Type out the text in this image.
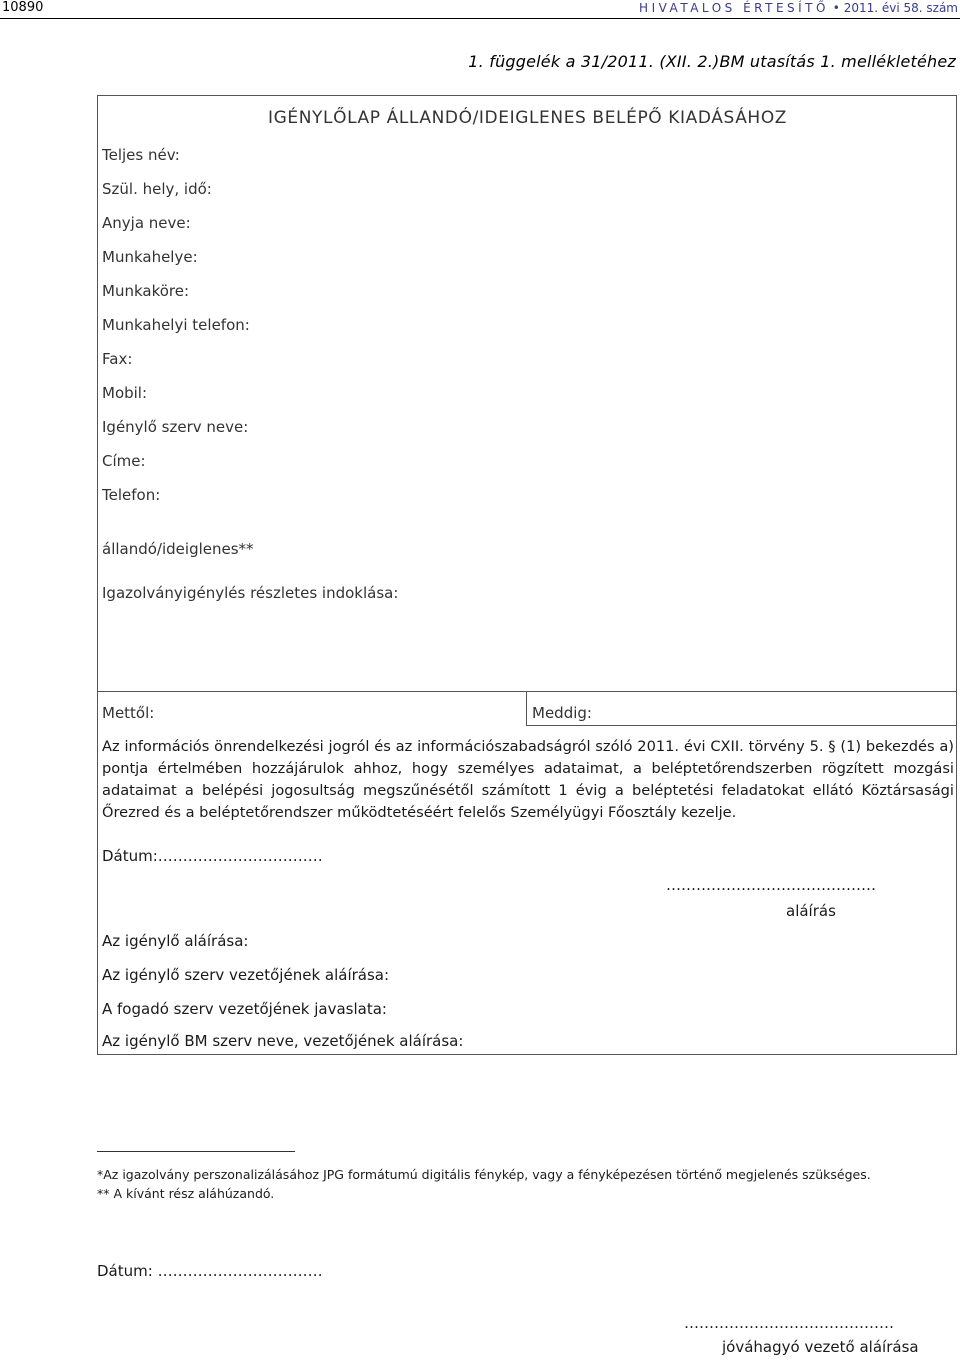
10890	HIVATALOS ÉRTESÍTŐ • 2011. évi 58. szám
1. függelék a 31/2011. (XII. 2.)BM utasítás 1. mellékletéhez
IGÉNYLŐLAP ÁLLANDÓ/IDEIGLENES BELÉPŐ KIADÁSÁHOZ
Teljes név:
Szül. hely, idő:
Anyja neve:
Munkahelye:
Munkaköre:
Munkahelyi telefon:
Fax:
Mobil:
Igénylő szerv neve:
Címe:
Telefon:
állandó/ideiglenes**
Igazolványigénylés részletes indoklása:
Mettől:	Meddig:
Az információs önrendelkezési jogról és az információszabadságról szóló 2011. évi CXII. törvény 5. § (1) bekezdés a) pontja értelmében hozzájárulok ahhoz, hogy személyes adataimat, a beléptetőrendszerben rögzített mozgási adataimat a belépési jogosultság megszűnésétől számított 1 évig a beléptetési feladatokat ellátó Köztársasági Őrezred és a beléptetőrendszer működtetéséért felelős Személyügyi Főosztály kezelje.
Dátum:……………………………
……………………………………
aláírás
Az igénylő aláírása:
Az igénylő szerv vezetőjének aláírása:
A fogadó szerv vezetőjének javaslata:
Az igénylő BM szerv neve, vezetőjének aláírása:
*Az igazolvány perszonalizálásához JPG formátumú digitális fénykép, vagy a fényképezésen történő megjelenés szükséges.
** A kívánt rész aláhúzandó.
Dátum: ……………………………
……………………………………
jóváhagyó vezető aláírása
